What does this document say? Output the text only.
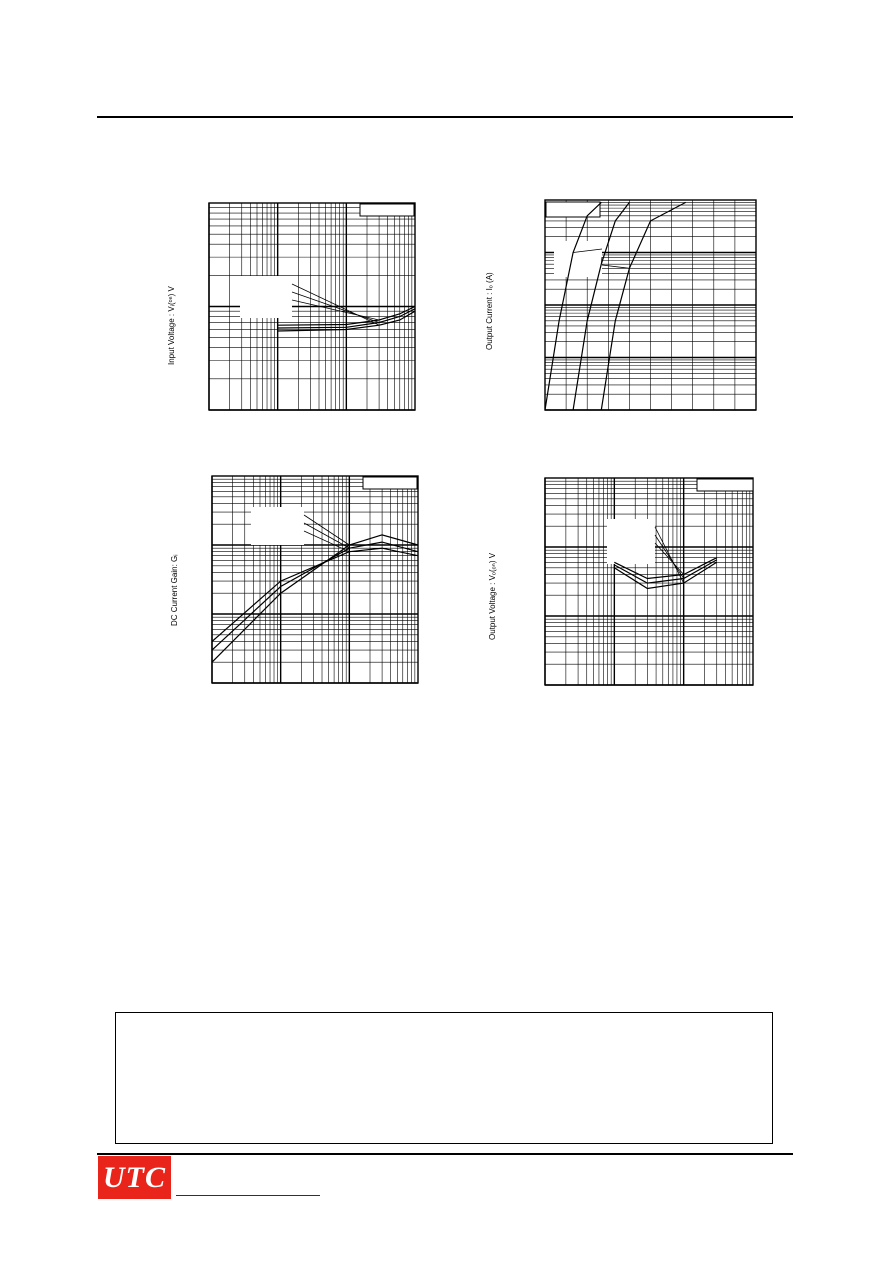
Input Voltage : Vᵢ(ᵒⁿ) V	Output Current : Iₒ (A)
DC Current Gain: Gᵢ	Output Voltage : Vₒ(ₒₙ) V
UTC
